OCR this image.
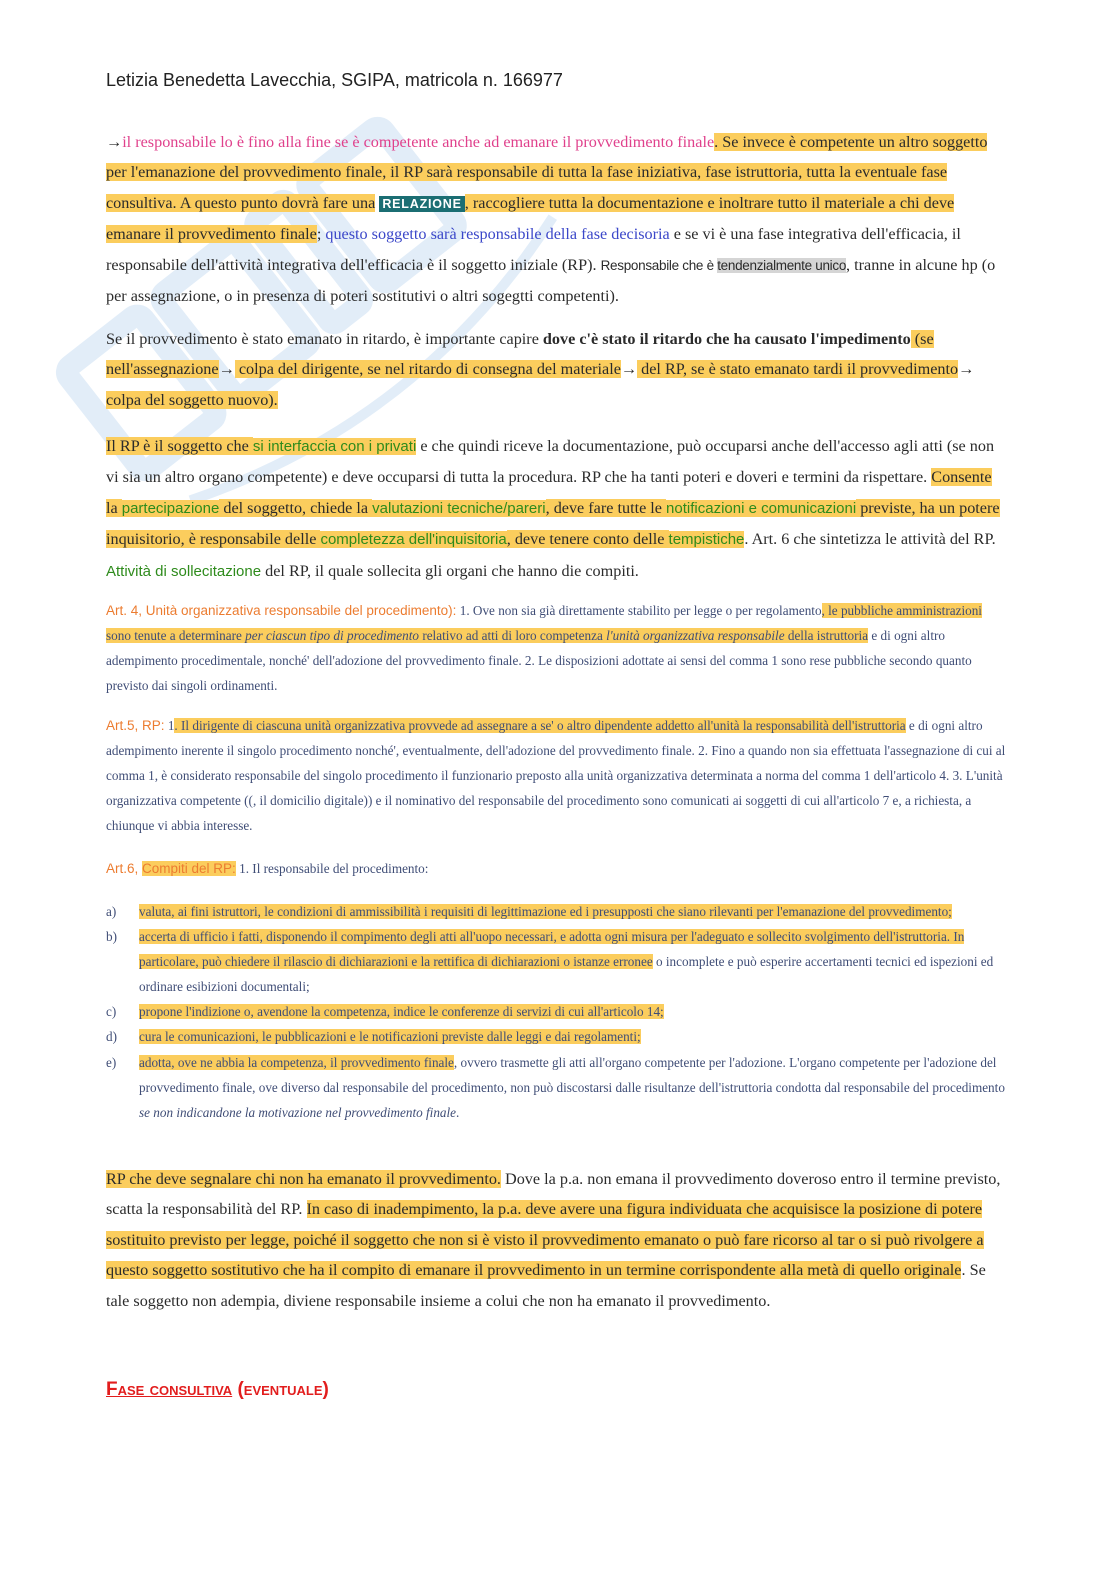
Letizia Benedetta Lavecchia, SGIPA, matricola n. 166977
→il responsabile lo è fino alla fine se è competente anche ad emanare il provvedimento finale. Se invece è competente un altro soggetto per l'emanazione del provvedimento finale, il RP sarà responsabile di tutta la fase iniziativa, fase istruttoria, tutta la eventuale fase consultiva. A questo punto dovrà fare una RELAZIONE , raccogliere tutta la documentazione e inoltrare tutto il materiale a chi deve emanare il provvedimento finale; questo soggetto sarà responsabile della fase decisoria e se vi è una fase integrativa dell'efficacia, il responsabile dell'attività integrativa dell'efficacia è il soggetto iniziale (RP). Responsabile che è tendenzialmente unico, tranne in alcune hp (o per assegnazione, o in presenza di poteri sostitutivi o altri sogegtti competenti).
Se il provvedimento è stato emanato in ritardo, è importante capire dove c'è stato il ritardo che ha causato l'impedimento (se nell'assegnazione→ colpa del dirigente, se nel ritardo di consegna del materiale→ del RP, se è stato emanato tardi il provvedimento→ colpa del soggetto nuovo).
Il RP è il soggetto che si interfaccia con i privati e che quindi riceve la documentazione, può occuparsi anche dell'accesso agli atti (se non vi sia un altro organo competente) e deve occuparsi di tutta la procedura. RP che ha tanti poteri e doveri e termini da rispettare. Consente la partecipazione del soggetto, chiede la valutazioni tecniche/pareri, deve fare tutte le notificazioni e comunicazioni previste, ha un potere inquisitorio, è responsabile delle completezza dell'inquisitoria, deve tenere conto delle tempistiche. Art. 6 che sintetizza le attività del RP. Attività di sollecitazione del RP, il quale sollecita gli organi che hanno die compiti.
Art. 4, Unità organizzativa responsabile del procedimento): 1. Ove non sia già direttamente stabilito per legge o per regolamento, le pubbliche amministrazioni sono tenute a determinare per ciascun tipo di procedimento relativo ad atti di loro competenza l'unità organizzativa responsabile della istruttoria e di ogni altro adempimento procedimentale, nonché' dell'adozione del provvedimento finale. 2. Le disposizioni adottate ai sensi del comma 1 sono rese pubbliche secondo quanto previsto dai singoli ordinamenti.
Art.5, RP: 1. Il dirigente di ciascuna unità organizzativa provvede ad assegnare a se' o altro dipendente addetto all'unità la responsabilità dell'istruttoria e di ogni altro adempimento inerente il singolo procedimento nonché', eventualmente, dell'adozione del provvedimento finale. 2. Fino a quando non sia effettuata l'assegnazione di cui al comma 1, è considerato responsabile del singolo procedimento il funzionario preposto alla unità organizzativa determinata a norma del comma 1 dell'articolo 4. 3. L'unità organizzativa competente ((, il domicilio digitale)) e il nominativo del responsabile del procedimento sono comunicati ai soggetti di cui all'articolo 7 e, a richiesta, a chiunque vi abbia interesse.
Art.6, Compiti del RP: 1. Il responsabile del procedimento:
a)	valuta, ai fini istruttori, le condizioni di ammissibilità i requisiti di legittimazione ed i presupposti che siano rilevanti per l'emanazione del provvedimento;
b)	accerta di ufficio i fatti, disponendo il compimento degli atti all'uopo necessari, e adotta ogni misura per l'adeguato e sollecito svolgimento dell'istruttoria. In particolare, può chiedere il rilascio di dichiarazioni e la rettifica di dichiarazioni o istanze erronee o incomplete e può esperire accertamenti tecnici ed ispezioni ed ordinare esibizioni documentali;
c)	propone l'indizione o, avendone la competenza, indice le conferenze di servizi di cui all'articolo 14;
d)	cura le comunicazioni, le pubblicazioni e le notificazioni previste dalle leggi e dai regolamenti;
e)	adotta, ove ne abbia la competenza, il provvedimento finale, ovvero trasmette gli atti all'organo competente per l'adozione. L'organo competente per l'adozione del provvedimento finale, ove diverso dal responsabile del procedimento, non può discostarsi dalle risultanze dell'istruttoria condotta dal responsabile del procedimento se non indicandone la motivazione nel provvedimento finale.
RP che deve segnalare chi non ha emanato il provvedimento. Dove la p.a. non emana il provvedimento doveroso entro il termine previsto, scatta la responsabilità del RP. In caso di inadempimento, la p.a. deve avere una figura individuata che acquisisce la posizione di potere sostituito previsto per legge, poiché il soggetto che non si è visto il provvedimento emanato o può fare ricorso al tar o si può rivolgere a questo soggetto sostitutivo che ha il compito di emanare il provvedimento in un termine corrispondente alla metà di quello originale. Se tale soggetto non adempia, diviene responsabile insieme a colui che non ha emanato il provvedimento.
Fase consultiva (eventuale)
